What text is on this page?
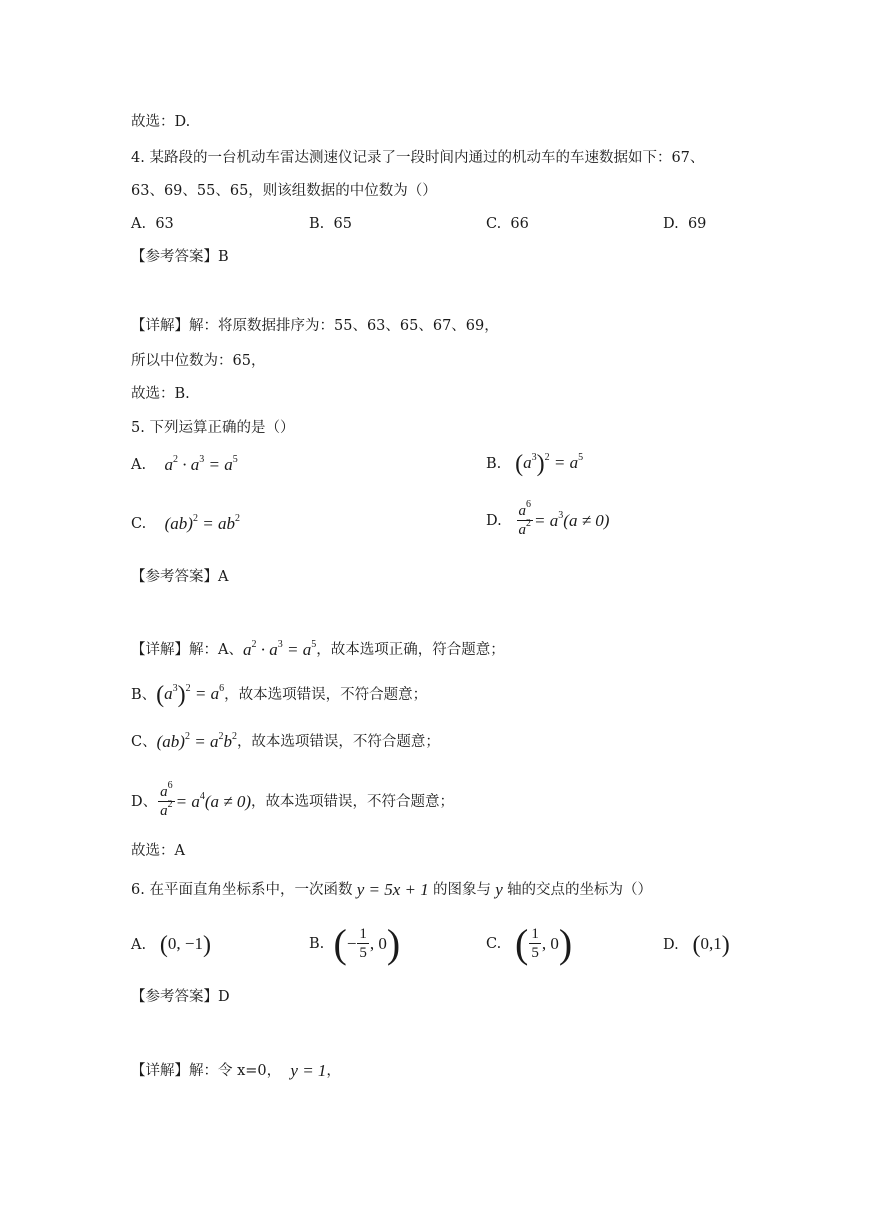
故选：D.
4. 某路段的一台机动车雷达测速仪记录了一段时间内通过的机动车的车速数据如下：67、
63、69、55、65，则该组数据的中位数为（）
A. 63	B. 65	C. 66	D. 69
【参考答案】B
【详解】解：将原数据排序为：55、63、65、67、69，
所以中位数为：65，
故选：B.
5. 下列运算正确的是（）
A.
$a^2 \cdot a^3 = a^5$	B.
$(a^3)^2 = a^5$
C.
$(ab)^2 = ab^2$	D.
$\frac{a^6}{a^2} = a^3(a \ne 0)$
【参考答案】A
【详解】解：A、 $a^2 \cdot a^3 = a^5$ ，故本选项正确，符合题意；
B、 $(a^3)^2 = a^6$ ，故本选项错误，不符合题意；
C、 $(ab)^2 = a^2b^2$ ，故本选项错误，不符合题意；
D、 $\frac{a^6}{a^2} = a^4(a \ne 0)$ ，故本选项错误，不符合题意；
故选：A
6. 在平面直角坐标系中，一次函数 y = 5x + 1 的图象与 y 轴的交点的坐标为（）
A.
(0, −1)	B.
( − $\frac{1}{5}$ , 0 )	C.
( $\frac{1}{5}$ , 0 )	D.
(0,1)
【参考答案】D
【详解】解：令
x=0，
y = 1 ，
